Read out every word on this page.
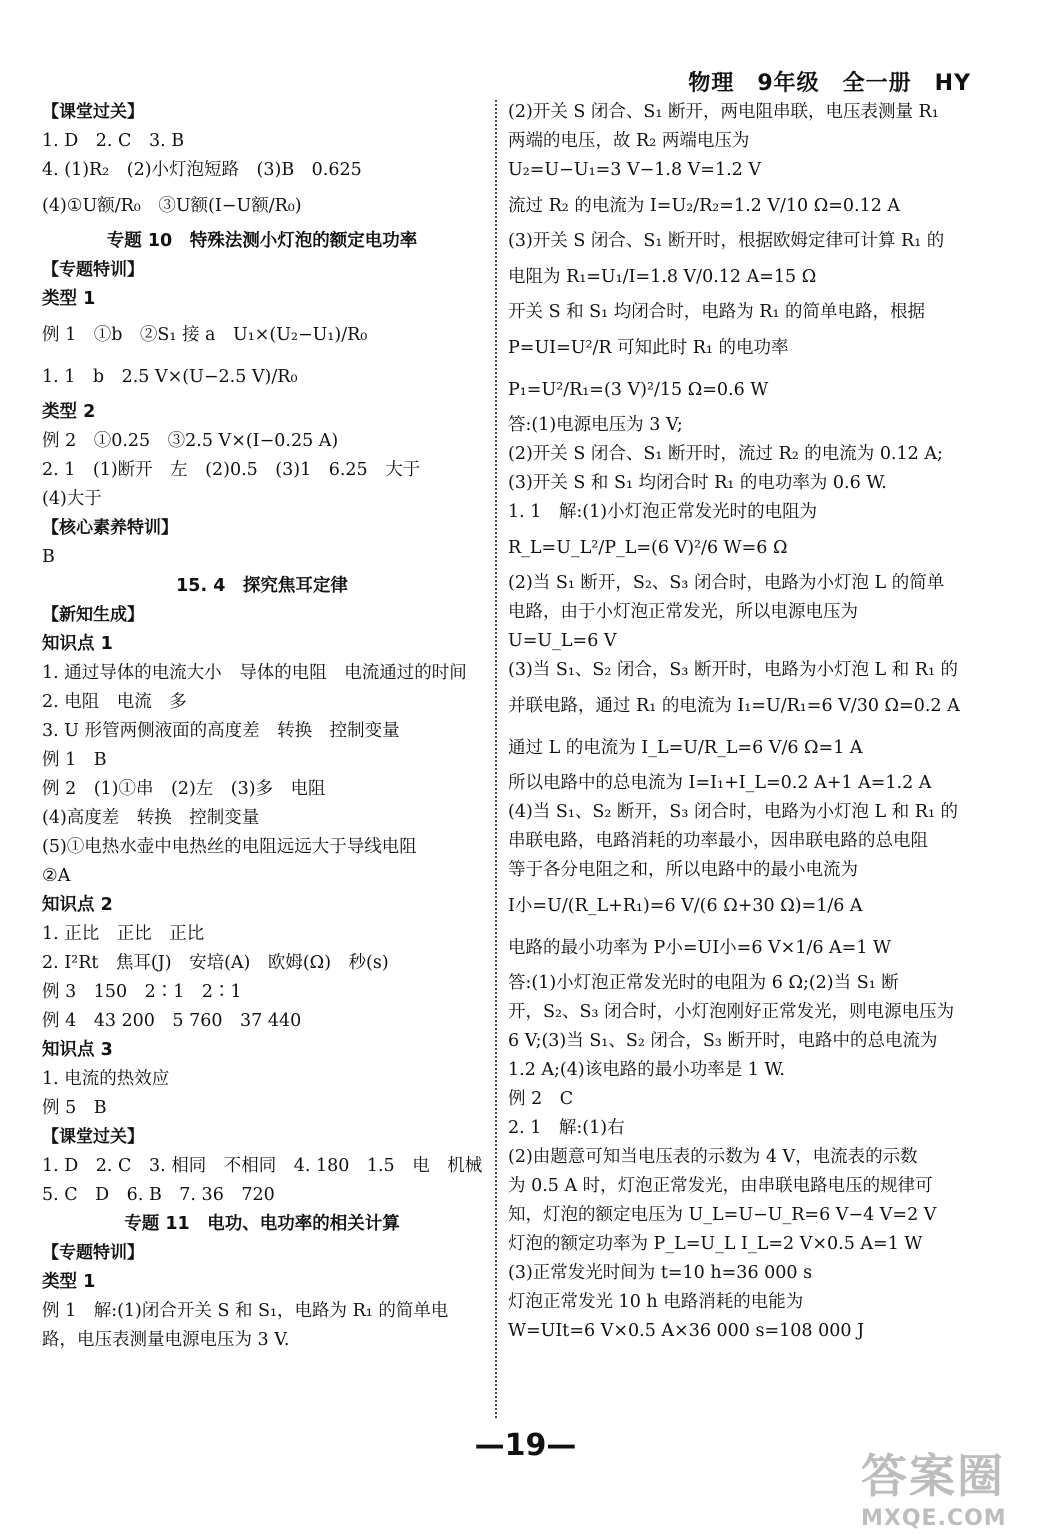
物理　9年级　全一册　HY
【课堂过关】
1. D　2. C　3. B
4. (1)R₂　(2)小灯泡短路　(3)B　0.625
(4)①U额/R₀　③U额(I−U额/R₀)
专题 10　特殊法测小灯泡的额定电功率
【专题特训】
类型 1
例 1　①b　②S₁ 接 a　U₁×(U₂−U₁)/R₀
1. 1　b　2.5 V×(U−2.5 V)/R₀
类型 2
例 2　①0.25　③2.5 V×(I−0.25 A)
2. 1　(1)断开　左　(2)0.5　(3)1　6.25　大于
(4)大于
【核心素养特训】
B
15. 4　探究焦耳定律
【新知生成】
知识点 1
1. 通过导体的电流大小　导体的电阻　电流通过的时间
2. 电阻　电流　多
3. U 形管两侧液面的高度差　转换　控制变量
例 1　B
例 2　(1)①串　(2)左　(3)多　电阻
(4)高度差　转换　控制变量
(5)①电热水壶中电热丝的电阻远远大于导线电阻
②A
知识点 2
1. 正比　正比　正比
2. I²Rt　焦耳(J)　安培(A)　欧姆(Ω)　秒(s)
例 3　150　2∶1　2∶1
例 4　43 200　5 760　37 440
知识点 3
1. 电流的热效应
例 5　B
【课堂过关】
1. D　2. C　3. 相同　不相同　4. 180　1.5　电　机械
5. C　D　6. B　7. 36　720
专题 11　电功、电功率的相关计算
【专题特训】
类型 1
例 1　解:(1)闭合开关 S 和 S₁，电路为 R₁ 的简单电
路，电压表测量电源电压为 3 V.
(2)开关 S 闭合、S₁ 断开，两电阻串联，电压表测量 R₁
两端的电压，故 R₂ 两端电压为
U₂=U−U₁=3 V−1.8 V=1.2 V
流过 R₂ 的电流为 I=U₂/R₂=1.2 V/10 Ω=0.12 A
(3)开关 S 闭合、S₁ 断开时，根据欧姆定律可计算 R₁ 的
电阻为 R₁=U₁/I=1.8 V/0.12 A=15 Ω
开关 S 和 S₁ 均闭合时，电路为 R₁ 的简单电路，根据
P=UI=U²/R 可知此时 R₁ 的电功率
P₁=U²/R₁=(3 V)²/15 Ω=0.6 W
答:(1)电源电压为 3 V;
(2)开关 S 闭合、S₁ 断开时，流过 R₂ 的电流为 0.12 A;
(3)开关 S 和 S₁ 均闭合时 R₁ 的电功率为 0.6 W.
1. 1　解:(1)小灯泡正常发光时的电阻为
R_L=U_L²/P_L=(6 V)²/6 W=6 Ω
(2)当 S₁ 断开，S₂、S₃ 闭合时，电路为小灯泡 L 的简单
电路，由于小灯泡正常发光，所以电源电压为
U=U_L=6 V
(3)当 S₁、S₂ 闭合，S₃ 断开时，电路为小灯泡 L 和 R₁ 的
并联电路，通过 R₁ 的电流为 I₁=U/R₁=6 V/30 Ω=0.2 A
通过 L 的电流为 I_L=U/R_L=6 V/6 Ω=1 A
所以电路中的总电流为 I=I₁+I_L=0.2 A+1 A=1.2 A
(4)当 S₁、S₂ 断开，S₃ 闭合时，电路为小灯泡 L 和 R₁ 的
串联电路，电路消耗的功率最小，因串联电路的总电阻
等于各分电阻之和，所以电路中的最小电流为
I小=U/(R_L+R₁)=6 V/(6 Ω+30 Ω)=1/6 A
电路的最小功率为 P小=UI小=6 V×1/6 A=1 W
答:(1)小灯泡正常发光时的电阻为 6 Ω;(2)当 S₁ 断
开，S₂、S₃ 闭合时，小灯泡刚好正常发光，则电源电压为
6 V;(3)当 S₁、S₂ 闭合，S₃ 断开时，电路中的总电流为
1.2 A;(4)该电路的最小功率是 1 W.
例 2　C
2. 1　解:(1)右
(2)由题意可知当电压表的示数为 4 V，电流表的示数
为 0.5 A 时，灯泡正常发光，由串联电路电压的规律可
知，灯泡的额定电压为 U_L=U−U_R=6 V−4 V=2 V
灯泡的额定功率为 P_L=U_L I_L=2 V×0.5 A=1 W
(3)正常发光时间为 t=10 h=36 000 s
灯泡正常发光 10 h 电路消耗的电能为
W=UIt=6 V×0.5 A×36 000 s=108 000 J
—19—
答案圈
MXQE.COM
